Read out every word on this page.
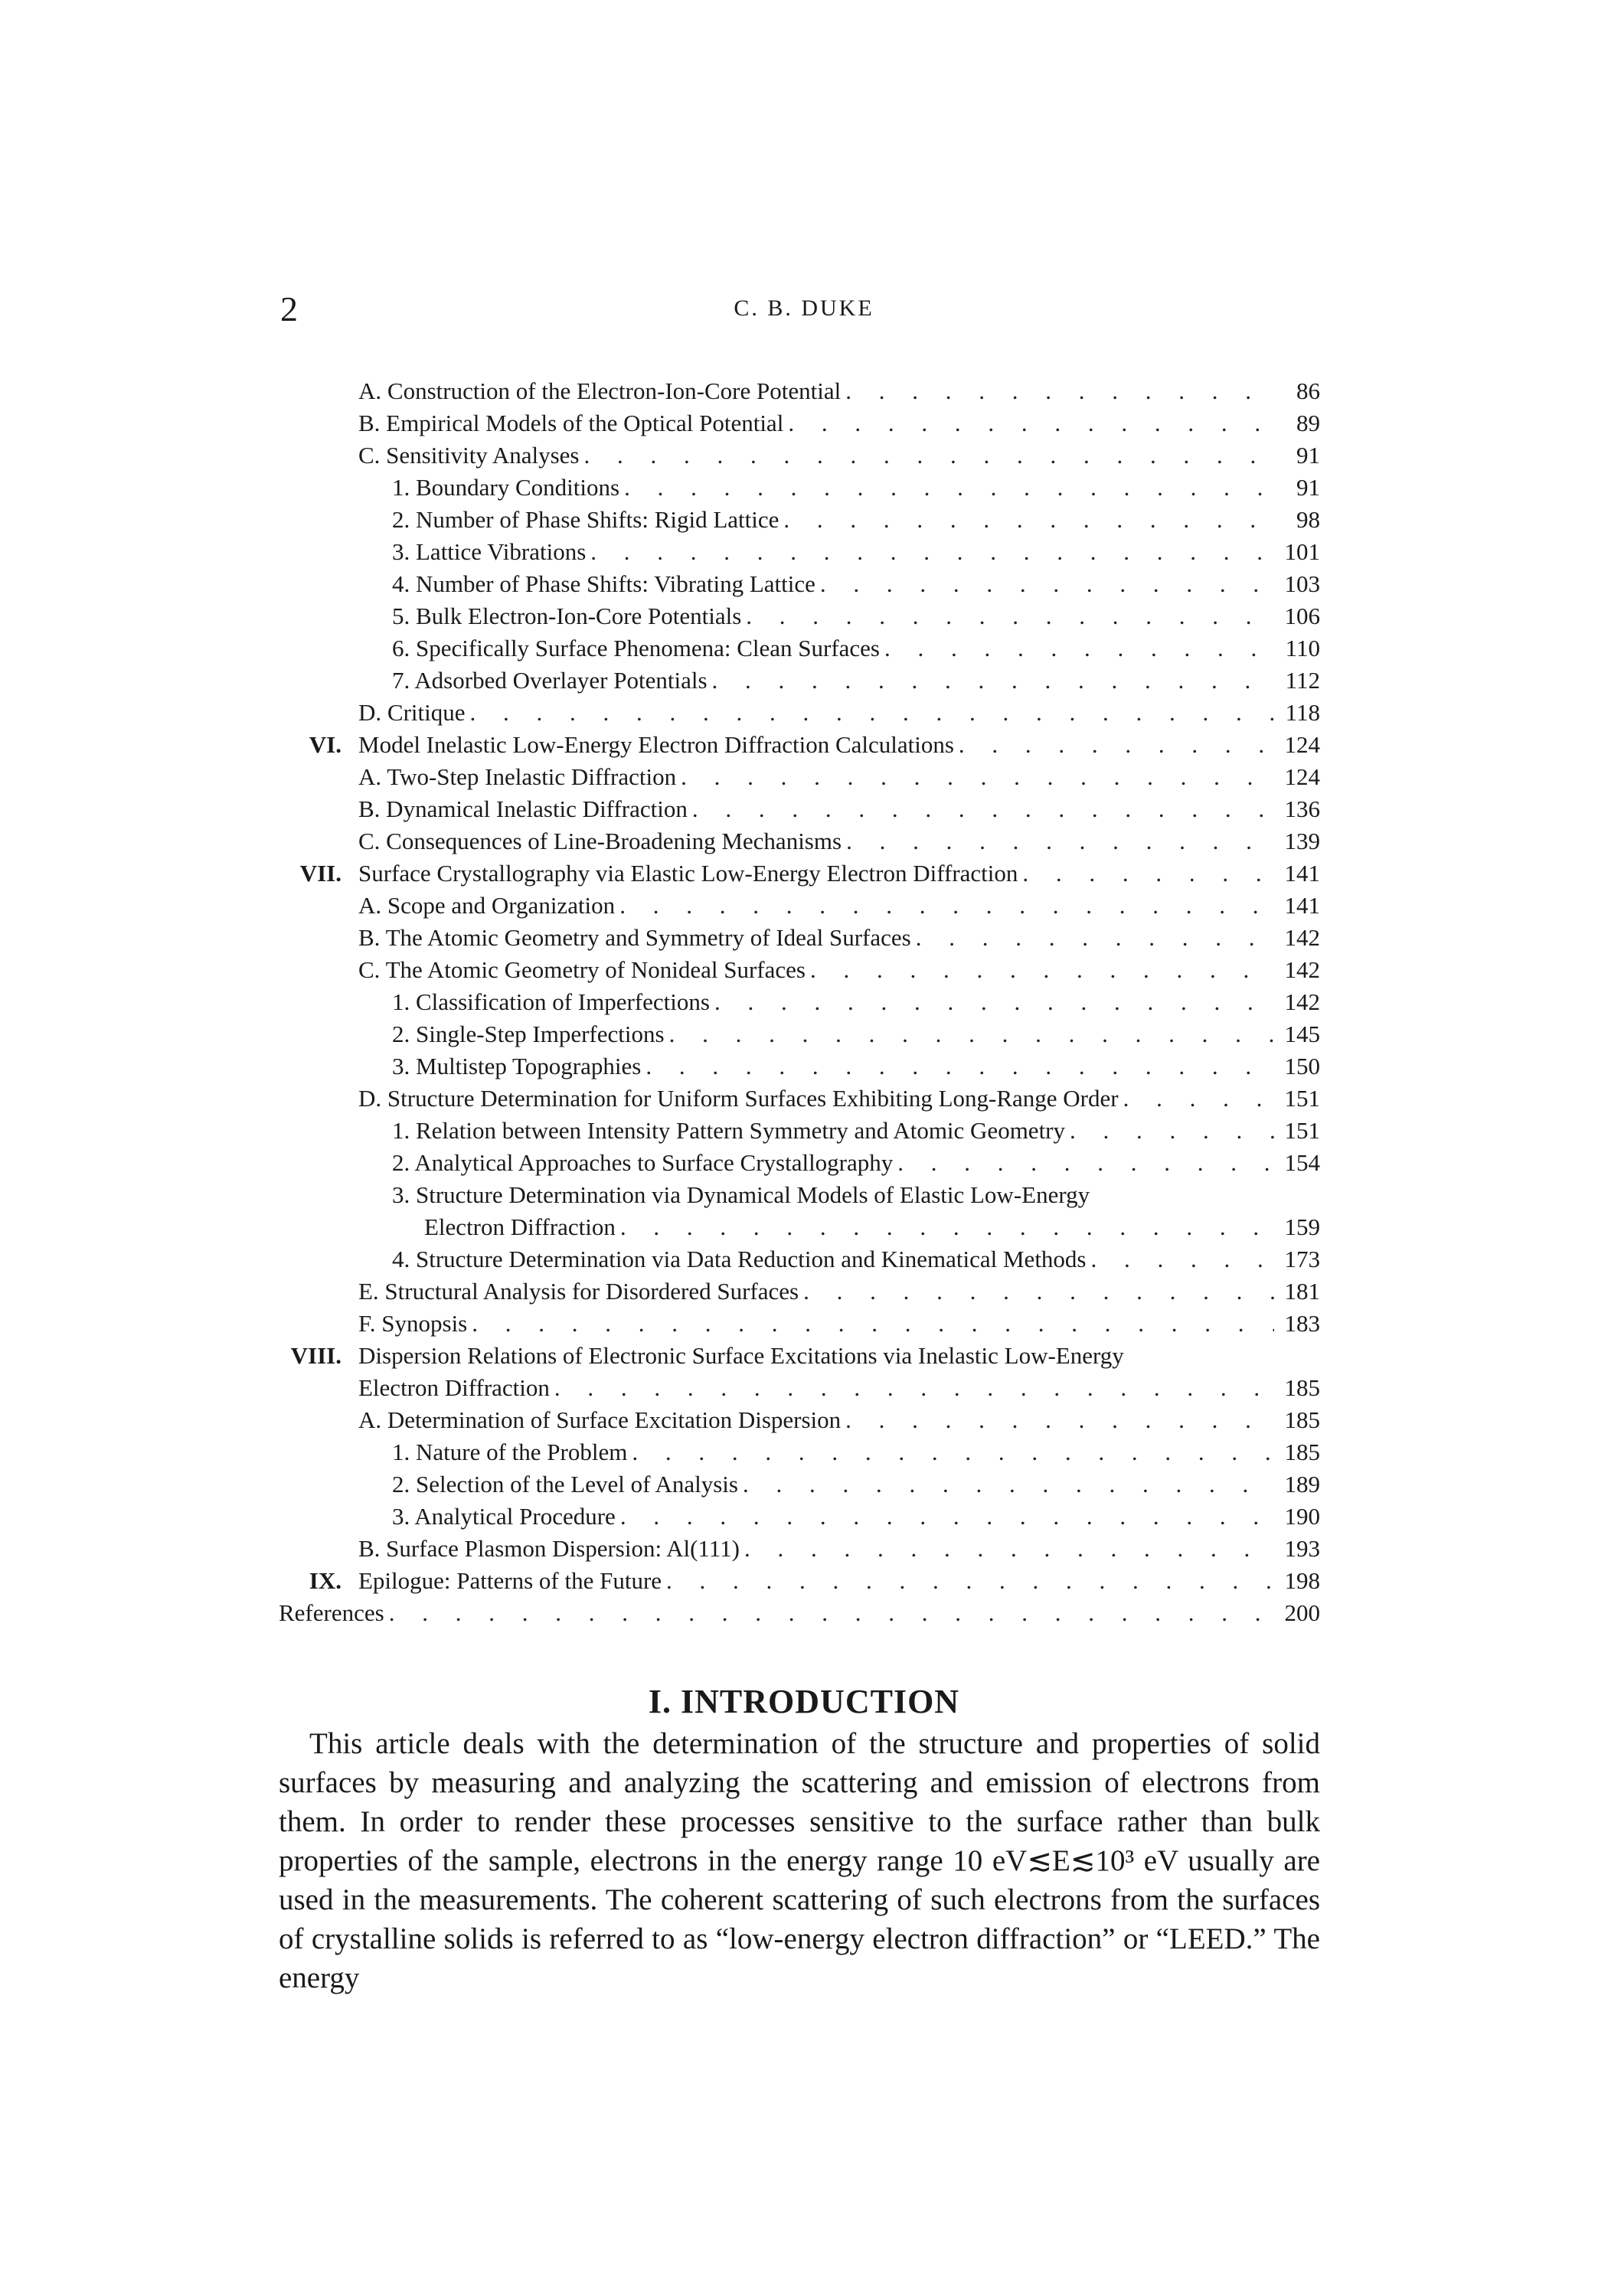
2	C. B. DUKE
A. Construction of the Electron-Ion-Core Potential . . .	86
B. Empirical Models of the Optical Potential . . .	89
C. Sensitivity Analyses . . .	91
1. Boundary Conditions . . .	91
2. Number of Phase Shifts: Rigid Lattice . . .	98
3. Lattice Vibrations . . .	101
4. Number of Phase Shifts: Vibrating Lattice . . .	103
5. Bulk Electron-Ion-Core Potentials . . .	106
6. Specifically Surface Phenomena: Clean Surfaces . . .	110
7. Adsorbed Overlayer Potentials . . .	112
D. Critique . . .	118
VI. Model Inelastic Low-Energy Electron Diffraction Calculations . . .	124
A. Two-Step Inelastic Diffraction . . .	124
B. Dynamical Inelastic Diffraction . . .	136
C. Consequences of Line-Broadening Mechanisms . . .	139
VII. Surface Crystallography via Elastic Low-Energy Electron Diffraction . . .	141
A. Scope and Organization . . .	141
B. The Atomic Geometry and Symmetry of Ideal Surfaces . . .	142
C. The Atomic Geometry of Nonideal Surfaces . . .	142
1. Classification of Imperfections . . .	142
2. Single-Step Imperfections . . .	145
3. Multistep Topographies . . .	150
D. Structure Determination for Uniform Surfaces Exhibiting Long-Range Order . . .	151
1. Relation between Intensity Pattern Symmetry and Atomic Geometry . . .	151
2. Analytical Approaches to Surface Crystallography . . .	154
3. Structure Determination via Dynamical Models of Elastic Low-Energy
Electron Diffraction . . .	159
4. Structure Determination via Data Reduction and Kinematical Methods . . .	173
E. Structural Analysis for Disordered Surfaces . . .	181
F. Synopsis . . .	183
VIII. Dispersion Relations of Electronic Surface Excitations via Inelastic Low-Energy
Electron Diffraction . . .	185
A. Determination of Surface Excitation Dispersion . . .	185
1. Nature of the Problem . . .	185
2. Selection of the Level of Analysis . . .	189
3. Analytical Procedure . . .	190
B. Surface Plasmon Dispersion: Al(111) . . .	193
IX. Epilogue: Patterns of the Future . . .	198
References . . .	200
I. INTRODUCTION

This article deals with the determination of the structure and properties of solid surfaces by measuring and analyzing the scattering and emission of electrons from them. In order to render these processes sensitive to the surface rather than bulk properties of the sample, electrons in the energy range 10 eV≲E≲10³ eV usually are used in the measurements. The coherent scattering of such electrons from the surfaces of crystalline solids is referred to as “low-energy electron diffraction” or “LEED.” The energy
